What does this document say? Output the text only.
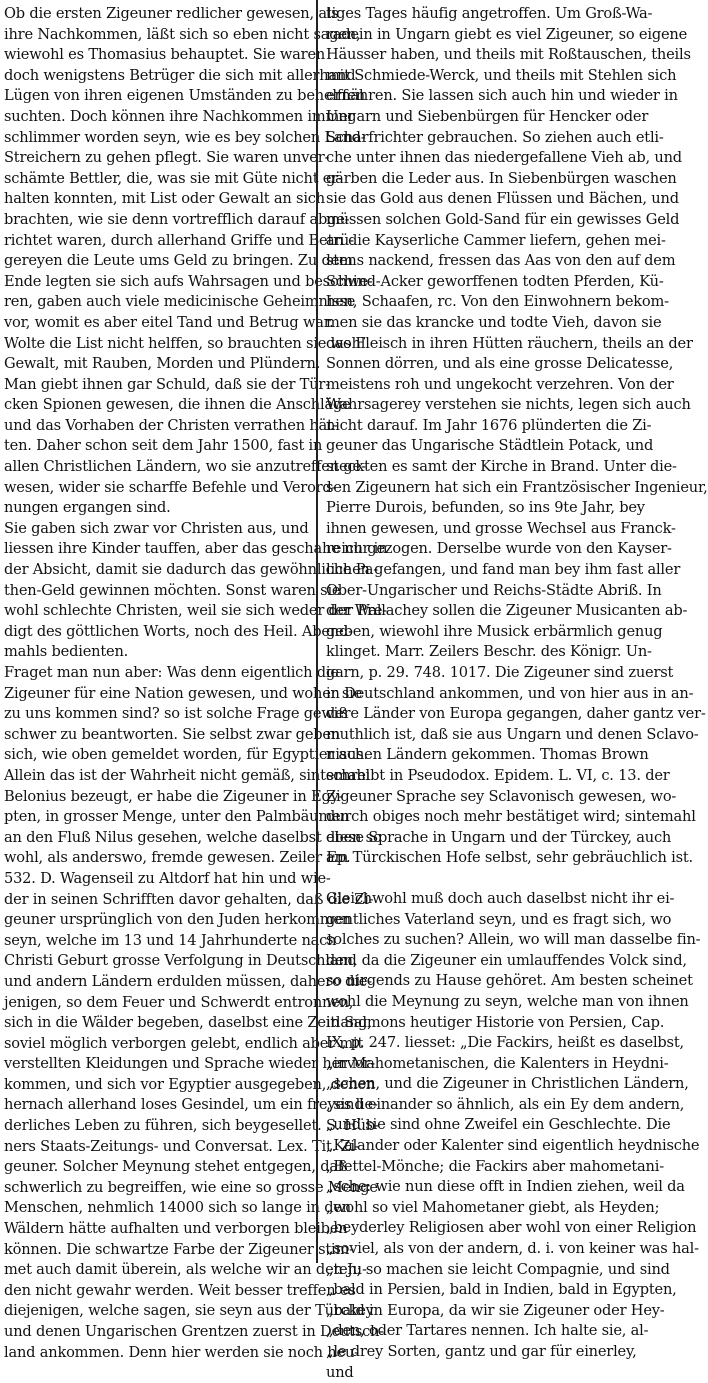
Ob die ersten Zigeuner redlicher gewesen, als
ihre Nachkommen, läßt sich so eben nicht sagen,
wiewohl es Thomasius behauptet. Sie waren
doch wenigstens Betrüger die sich mit allerhand
Lügen von ihren eigenen Umständen zu behelffen
suchten. Doch können ihre Nachkommen immer
schlimmer worden seyn, wie es bey solchen Land-
Streichern zu gehen pflegt. Sie waren unver-
schämte Bettler, die, was sie mit Güte nicht er-
halten konnten, mit List oder Gewalt an sich
brachten, wie sie denn vortrefflich darauf abge-
richtet waren, durch allerhand Griffe und Betrü-
gereyen die Leute ums Geld zu bringen. Zu dem
Ende legten sie sich aufs Wahrsagen und beschwe-
ren, gaben auch viele medicinische Geheimnisse
vor, womit es aber eitel Tand und Betrug war.
Wolte die List nicht helffen, so brauchten sie wohl
Gewalt, mit Rauben, Morden und Plündern.
Man giebt ihnen gar Schuld, daß sie der Tür-
cken Spionen gewesen, die ihnen die Anschläge
und das Vorhaben der Christen verrathen hät-
ten. Daher schon seit dem Jahr 1500, fast in
allen Christlichen Ländern, wo sie anzutreffen ge-
wesen, wider sie scharffe Befehle und Verord-
nungen ergangen sind.
Sie gaben sich zwar vor Christen aus, und
liessen ihre Kinder tauffen, aber das geschahe nur in
der Absicht, damit sie dadurch das gewöhnliche Pa-
then-Geld gewinnen möchten. Sonst waren sie
wohl schlechte Christen, weil sie sich weder der Pre-
digt des göttlichen Worts, noch des Heil. Abend-
mahls bedienten.
Fraget man nun aber: Was denn eigentlich die
Zigeuner für eine Nation gewesen, und woher sie
zu uns kommen sind? so ist solche Frage gewiß
schwer zu beantworten. Sie selbst zwar geben
sich, wie oben gemeldet worden, für Egyptier aus.
Allein das ist der Wahrheit nicht gemäß, sintemahl
Belonius bezeugt, er habe die Zigeuner in Egy-
pten, in grosser Menge, unter den Palmbäumen
an den Fluß Nilus gesehen, welche daselbst eben so
wohl, als anderswo, fremde gewesen. Zeiler Ep.
532. D. Wagenseil zu Altdorf hat hin und wie-
der in seinen Schrifften davor gehalten, daß die Zi-
geuner ursprünglich von den Juden herkommen
seyn, welche im 13 und 14 Jahrhunderte nach
Christi Geburt grosse Verfolgung in Deutschland
und andern Ländern erdulden müssen, dahero die-
jenigen, so dem Feuer und Schwerdt entronnen,
sich in die Wälder begeben, daselbst eine Zeitlang,
soviel möglich verborgen gelebt, endlich aber mit
verstellten Kleidungen und Sprache wieder hervor-
kommen, und sich vor Egyptier ausgegeben, denen
hernach allerhand loses Gesindel, um ein freyes lie-
derliches Leben zu führen, sich beygesellet. S. Hüb-
ners Staats-Zeitungs- und Conversat. Lex. Tit. Zi-
geuner. Solcher Meynung stehet entgegen, daß
schwerlich zu begreiffen, wie eine so grosse Menge
Menschen, nehmlich 14000 sich so lange in den
Wäldern hätte aufhalten und verborgen bleiben
können. Die schwartze Farbe der Zigeuner stim-
met auch damit überein, als welche wir an den Ju-
den nicht gewahr werden. Weit besser treffen es
diejenigen, welche sagen, sie seyn aus der Türckey
und denen Ungarischen Grentzen zuerst in Deutsch-
land ankommen. Denn hier werden sie noch heu-
tiges Tages häufig angetroffen. Um Groß-Wa-
radein in Ungarn giebt es viel Zigeuner, so eigene
Häusser haben, und theils mit Roßtauschen, theils
mit Schmiede-Werck, und theils mit Stehlen sich
ernähren. Sie lassen sich auch hin und wieder in
Ungarn und Siebenbürgen für Hencker oder
Scharfrichter gebrauchen. So ziehen auch etli-
che unter ihnen das niedergefallene Vieh ab, und
gärben die Leder aus. In Siebenbürgen waschen
sie das Gold aus denen Flüssen und Bächen, und
müssen solchen Gold-Sand für ein gewisses Geld
an die Kayserliche Cammer liefern, gehen mei-
stens nackend, fressen das Aas von den auf dem
Schind-Acker geworffenen todten Pferden, Kü-
hen, Schaafen, rc. Von den Einwohnern bekom-
men sie das krancke und todte Vieh, davon sie
das Fleisch in ihren Hütten räuchern, theils an der
Sonnen dörren, und als eine grosse Delicatesse,
meistens roh und ungekocht verzehren. Von der
Wahrsagerey verstehen sie nichts, legen sich auch
nicht darauf. Im Jahr 1676 plünderten die Zi-
geuner das Ungarische Städtlein Potack, und
steckten es samt der Kirche in Brand. Unter die-
sen Zigeunern hat sich ein Frantzösischer Ingenieur,
Pierre Durois, befunden, so ins 9te Jahr, bey
ihnen gewesen, und grosse Wechsel aus Franck-
reich gezogen. Derselbe wurde von den Kayser-
lichen gefangen, und fand man bey ihm fast aller
Ober-Ungarischer und Reichs-Städte Abriß. In
der Wallachey sollen die Zigeuner Musicanten ab-
geben, wiewohl ihre Musick erbärmlich genug
klinget. Marr. Zeilers Beschr. des Königr. Un-
garn, p. 29. 748. 1017. Die Zigeuner sind zuerst
in Deutschland ankommen, und von hier aus in an-
dere Länder von Europa gegangen, daher gantz ver-
muthlich ist, daß sie aus Ungarn und denen Sclavo-
nischen Ländern gekommen. Thomas Brown
schreibt in Pseudodox. Epidem. L. VI, c. 13. der
Zigeuner Sprache sey Sclavonisch gewesen, wo-
durch obiges noch mehr bestätiget wird; sintemahl
diese Sprache in Ungarn und der Türckey, auch
am Türckischen Hofe selbst, sehr gebräuchlich ist.
Gleichwohl muß doch auch daselbst nicht ihr ei-
gentliches Vaterland seyn, und es fragt sich, wo
solches zu suchen? Allein, wo will man dasselbe fin-
den, da die Zigeuner ein umlauffendes Volck sind,
so nirgends zu Hause gehöret. Am besten scheinet
wohl die Meynung zu seyn, welche man von ihnen
in Salmons heutiger Historie von Persien, Cap.
IX, p. 247. liesset: „Die Fackirs, heißt es daselbst,
„in Mahometanischen, die Kalenters in Heydni-
„schen, und die Zigeuner in Christlichen Ländern,
„sind einander so ähnlich, als ein Ey dem andern,
„und sie sind ohne Zweifel ein Geschlechte. Die
„Kalander oder Kalenter sind eigentlich heydnische
„Bettel-Mönche; die Fackirs aber mahometani-
„sche: wie nun diese offt in Indien ziehen, weil da
„wohl so viel Mahometaner giebt, als Heyden;
„beyderley Religiosen aber wohl von einer Religion
„soviel, als von der andern, d. i. von keiner was hal-
„ten; so machen sie leicht Compagnie, und sind
„bald in Persien, bald in Indien, bald in Egypten,
„bald in Europa, da wir sie Zigeuner oder Hey-
„den, oder Tartares nennen. Ich halte sie, al-
„le drey Sorten, gantz und gar für einerley,
und
